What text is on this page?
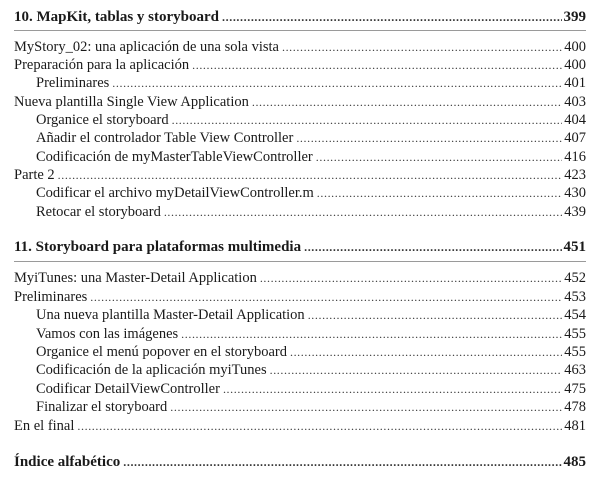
10. MapKit, tablas y storyboard .....	399
MyStory_02: una aplicación de una sola vista .....	400
Preparación para la aplicación .....	400
Preliminares .....	401
Nueva plantilla Single View Application .....	403
Organice el storyboard .....	404
Añadir el controlador Table View Controller .....	407
Codificación de myMasterTableViewController .....	416
Parte 2 .....	423
Codificar el archivo myDetailViewController.m .....	430
Retocar el storyboard .....	439
11. Storyboard para plataformas multimedia .....	451
MyiTunes: una Master-Detail Application .....	452
Preliminares .....	453
Una nueva plantilla Master-Detail Application .....	454
Vamos con las imágenes .....	455
Organice el menú popover en el storyboard .....	455
Codificación de la aplicación myiTunes .....	463
Codificar DetailViewController .....	475
Finalizar el storyboard .....	478
En el final .....	481
Índice alfabético .....	485
